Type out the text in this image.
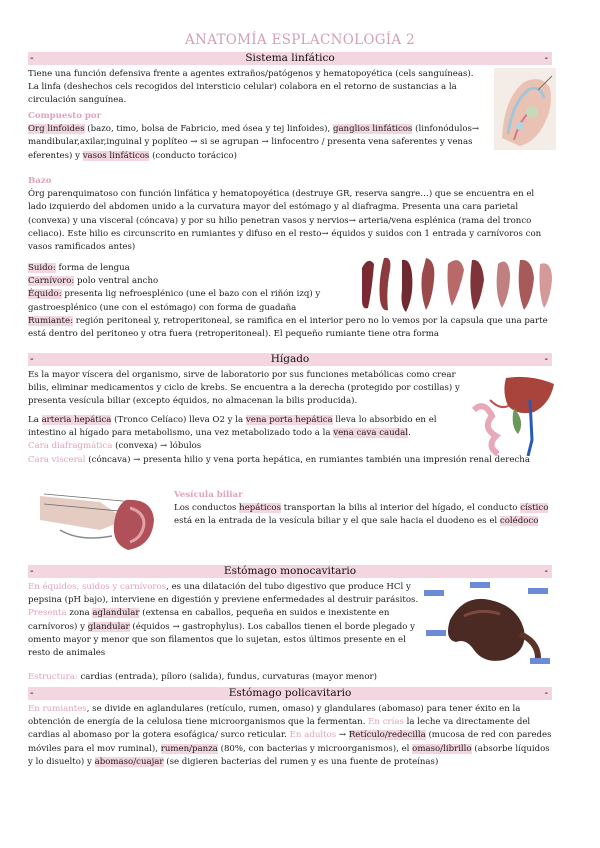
ANATOMÍA ESPLACNOLOGÍA 2
-	Sistema linfático	-

Tiene una función defensiva frente a agentes extraños/patógenos y hematopoyética (cels sanguíneas). La linfa (deshechos cels recogidos del intersticio celular) colabora en el retorno de sustancias a la circulación sanguínea.

Compuesto por

Org linfoides (bazo, timo, bolsa de Fabricio, med ósea y tej linfoides), ganglios linfáticos (linfonódulos→ mandibular,axilar,inguinal y poplíteo → si se agrupan → linfocentro / presenta vena saferentes y venas eferentes) y vasos linfáticos (conducto torácico)

Bazo

Órg parenquimatoso con función linfática y hematopoyética (destruye GR, reserva sangre…) que se encuentra en el lado izquierdo del abdomen unido a la curvatura mayor del estómago y al diafragma. Presenta una cara parietal (convexa) y una visceral (cóncava) y por su hilio penetran vasos y nervios→ arteria/vena esplénica (rama del tronco celiaco). Este hilio es circunscrito en rumiantes y difuso en el resto→ équidos y suidos con 1 entrada y carnívoros con vasos ramificados antes)

Suido: forma de lengua

Carnívoro: polo ventral ancho

Équido: presenta lig nefroesplénico (une el bazo con el riñón izq) y gastroesplénico (une con el estómago) con forma de guadaña

Rumiante: región peritoneal y, retroperitoneal, se ramifica en el interior pero no lo vemos por la capsula que una parte está dentro del peritoneo y otra fuera (retroperitoneal). El pequeño rumiante tiene otra forma

-	Hígado	-

Es la mayor víscera del organismo, sirve de laboratorio por sus funciones metabólicas como crear bilis, eliminar medicamentos y ciclo de krebs. Se encuentra a la derecha (protegido por costillas) y presenta vesícula biliar (excepto équidos, no almacenan la bilis producida).

La arteria hepática (Tronco Celíaco) lleva O2 y la vena porta hepática lleva lo absorbido en el intestino al hígado para metabolismo, una vez metabolizado todo a la vena cava caudal.

Cara diafragmática (convexa) → lóbulos

Cara visceral (cóncava) → presenta hilio y vena porta hepática, en rumiantes también una impresión renal derecha

Vesícula biliar

Los conductos hepáticos transportan la bilis al interior del hígado, el conducto cístico está en la entrada de la vesícula biliar y el que sale hacia el duodeno es el colédoco

-	Estómago monocavitario	-

En équidos, suidos y carnívoros, es una dilatación del tubo digestivo que produce HCl y pepsina (pH bajo), interviene en digestión y previene enfermedades al destruir parásitos. Presenta zona aglandular (extensa en caballos, pequeña en suidos e inexistente en carnívoros) y glandular (équidos → gastrophylus). Los caballos tienen el borde plegado y omento mayor y menor que son filamentos que lo sujetan, estos últimos presente en el resto de animales

Estructura: cardias (entrada), píloro (salida), fundus, curvaturas (mayor menor)

-	Estómago policavitario	-

En rumiantes, se divide en aglandulares (retículo, rumen, omaso) y glandulares (abomaso) para tener éxito en la obtención de energía de la celulosa tiene microorganismos que la fermentan. En crías la leche va directamente del cardias al abomaso por la gotera esofágica/ surco reticular. En adultos → Retículo/redecilla (mucosa de red con paredes móviles para el mov ruminal), rumen/panza (80%, con bacterias y microorganismos), el omaso/librillo (absorbe líquidos y lo disuelto) y abomaso/cuajar (se digieren bacterias del rumen y es una fuente de proteínas)
